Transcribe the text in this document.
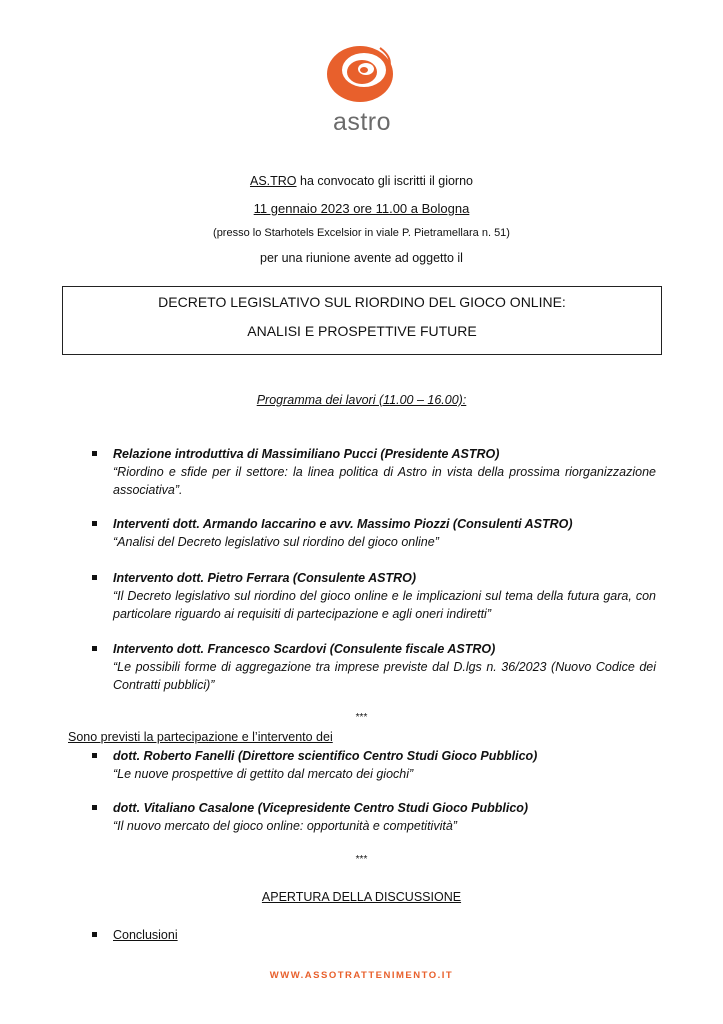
astro
AS.TRO ha convocato gli iscritti il giorno
11 gennaio 2023 ore 11.00 a Bologna
(presso lo Starhotels Excelsior in viale P. Pietramellara n. 51)
per una riunione avente ad oggetto il
DECRETO LEGISLATIVO SUL RIORDINO DEL GIOCO ONLINE:
ANALISI E PROSPETTIVE FUTURE
Programma dei lavori (11.00 – 16.00):
Relazione introduttiva di Massimiliano Pucci (Presidente ASTRO)
“Riordino e sfide per il settore: la linea politica di Astro in vista della prossima riorganizzazione associativa”.
Interventi dott. Armando Iaccarino e avv. Massimo Piozzi (Consulenti ASTRO)
“Analisi del Decreto legislativo sul riordino del gioco online”
Intervento dott. Pietro Ferrara (Consulente ASTRO)
“Il Decreto legislativo sul riordino del gioco online e le implicazioni sul tema della futura gara, con particolare riguardo ai requisiti di partecipazione e agli oneri indiretti”
Intervento dott. Francesco Scardovi (Consulente fiscale ASTRO)
“Le possibili forme di aggregazione tra imprese previste dal D.lgs n. 36/2023 (Nuovo Codice dei Contratti pubblici)”
***
Sono previsti la partecipazione e l’intervento dei
dott. Roberto Fanelli (Direttore scientifico Centro Studi Gioco Pubblico)
“Le nuove prospettive di gettito dal mercato dei giochi”
dott. Vitaliano Casalone (Vicepresidente Centro Studi Gioco Pubblico)
“Il nuovo mercato del gioco online: opportunità e competitività”
***
APERTURA DELLA DISCUSSIONE
Conclusioni
WWW.ASSOTRATTENIMENTO.IT
